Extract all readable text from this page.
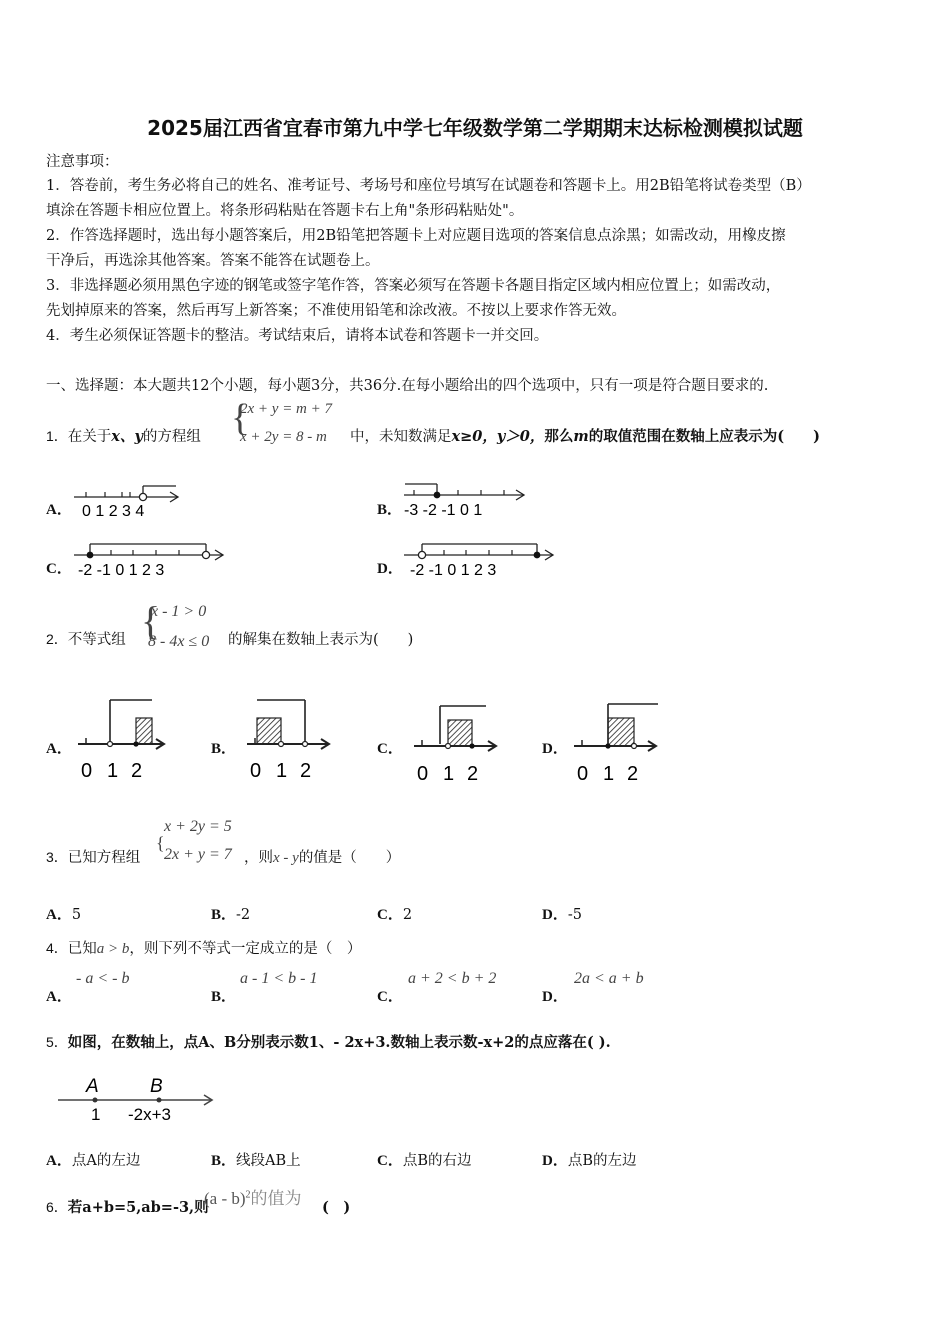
2025届江西省宜春市第九中学七年级数学第二学期期末达标检测模拟试题
注意事项：
1．答卷前，考生务必将自己的姓名、准考证号、考场号和座位号填写在试题卷和答题卡上。用2B铅笔将试卷类型（B）
填涂在答题卡相应位置上。将条形码粘贴在答题卡右上角"条形码粘贴处"。
2．作答选择题时，选出每小题答案后，用2B铅笔把答题卡上对应题目选项的答案信息点涂黑；如需改动，用橡皮擦
干净后，再选涂其他答案。答案不能答在试题卷上。
3．非选择题必须用黑色字迹的钢笔或签字笔作答，答案必须写在答题卡各题目指定区域内相应位置上；如需改动，
先划掉原来的答案，然后再写上新答案；不准使用铅笔和涂改液。不按以上要求作答无效。
4．考生必须保证答题卡的整洁。考试结束后，请将本试卷和答题卡一并交回。
一、选择题：本大题共12个小题，每小题3分，共36分.在每小题给出的四个选项中，只有一项是符合题目要求的.
1．在关于x、y的方程组 {
2x + y = m + 7
x + 2y = 8 - m 中，未知数满足x≥0，y＞0，那么m的取值范围在数轴上应表示为(　　)
A． 0 1 2 3 4	B． -3 -2 -1 0 1
C． -2 -1 0 1 2 3	D． -2 -1 0 1 2 3
2．不等式组 {
x - 1 > 0
8 - 4x ≤ 0 的解集在数轴上表示为(　　)
A．
0 1 2
B．
0 1 2
C．
0 1 2
D．
0 1 2
3．已知方程组
{
x + 2y = 5
2x + y = 7 ，则x - y的值是（　　）
A．5	B．-2	C．2	D．-5
4．已知a > b，则下列不等式一定成立的是（　）
A．
- a < - b
B．
a - 1 < b - 1
C．
a + 2 < b + 2
D．
2a < a + b
5．如图，在数轴上，点A、B分别表示数1、- 2x+3.数轴上表示数-x+2的点应落在( ).
A	B
1 -2x+3
A．点A的左边	B．线段AB上	C．点B的右边	D．点B的左边
6．若a+b=5,ab=-3,则
(a - b)$^2$的值为 (　)
